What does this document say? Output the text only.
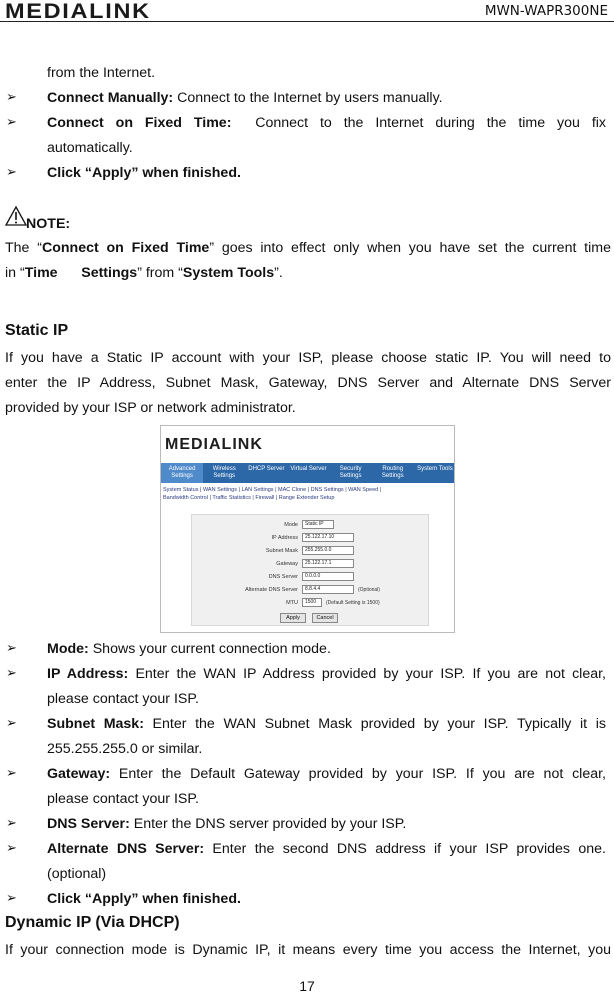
MEDIALINK	MWN-WAPR300NE
from the Internet.
➢ Connect Manually: Connect to the Internet by users manually.
➢ Connect on Fixed Time: Connect to the Internet during the time you fix
automatically.
➢ Click “Apply” when finished.
NOTE:
The “Connect on Fixed Time” goes into effect only when you have set the current time
in “Time      Settings” from “System Tools”.
Static IP
If you have a Static IP account with your ISP, please choose static IP. You will need to
enter the IP Address, Subnet Mask, Gateway, DNS Server and Alternate DNS Server
provided by your ISP or network administrator.
MEDIALINK
Advanced Settings
Wireless Settings
DHCP Server Virtual Server	Security Settings
Routing Settings
System Tools
System Status | WAN Settings | LAN Settings | MAC Clone | DNS Settings | WAN Speed |
Bandwidth Control | Traffic Statistics | Firewall | Range Extender Setup
Mode	Static IP
IP Address	25.122.17.10
Subnet Mask	255.255.0.0
Gateway	25.122.17.1
DNS Server	0.0.0.0
Alternate DNS Server	8.8.4.4	(Optional)
MTU	1500	(Default Setting is 1500)
Apply	Cancel
➢ Mode: Shows your current connection mode.
➢ IP Address: Enter the WAN IP Address provided by your ISP. If you are not clear,
please contact your ISP.
➢ Subnet Mask: Enter the WAN Subnet Mask provided by your ISP. Typically it is
255.255.255.0 or similar.
➢ Gateway: Enter the Default Gateway provided by your ISP. If you are not clear,
please contact your ISP.
➢ DNS Server: Enter the DNS server provided by your ISP.
➢ Alternate DNS Server: Enter the second DNS address if your ISP provides one.
(optional)
➢ Click “Apply” when finished.
Dynamic IP (Via DHCP)
If your connection mode is Dynamic IP, it means every time you access the Internet, you
17
